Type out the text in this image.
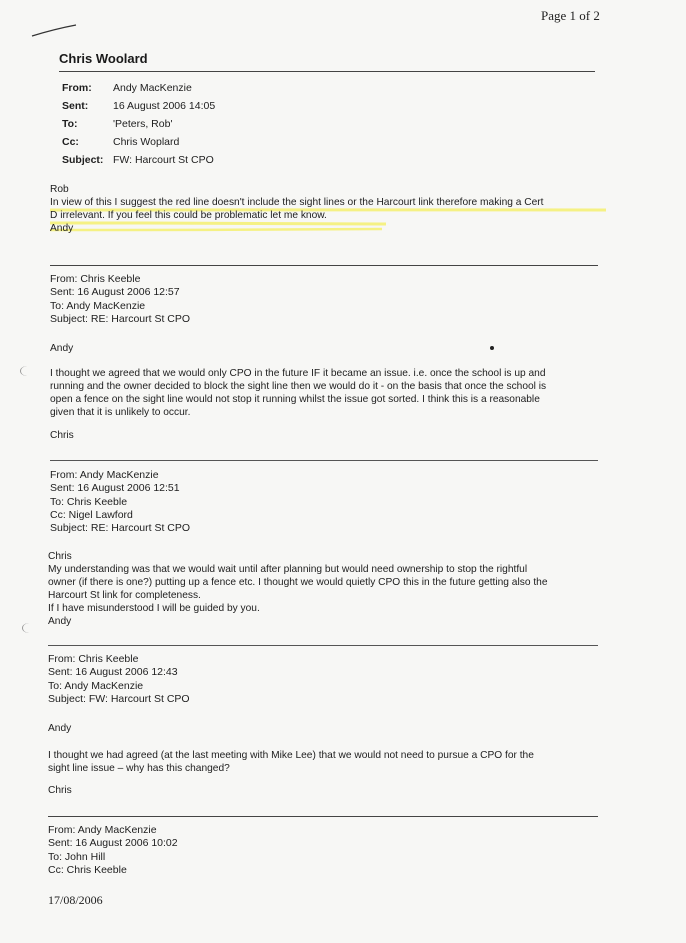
Page 1 of 2
Chris Woolard
From:	Andy MacKenzie
Sent:	16 August 2006 14:05
To:	'Peters, Rob'
Cc:	Chris Woplard
Subject: FW: Harcourt St CPO
Rob
In view of this I suggest the red line doesn't include the sight lines or the Harcourt link therefore making a Cert
D irrelevant. If you feel this could be problematic let me know.
Andy
From: Chris Keeble
Sent: 16 August 2006 12:57
To: Andy MacKenzie
Subject: RE: Harcourt St CPO
Andy
I thought we agreed that we would only CPO in the future IF it became an issue. i.e. once the school is up and
running and the owner decided to block the sight line then we would do it - on the basis that once the school is
open a fence on the sight line would not stop it running whilst the issue got sorted. I think this is a reasonable
given that it is unlikely to occur.
Chris
From: Andy MacKenzie
Sent: 16 August 2006 12:51
To: Chris Keeble
Cc: Nigel Lawford
Subject: RE: Harcourt St CPO
Chris
My understanding was that we would wait until after planning but would need ownership to stop the rightful
owner (if there is one?) putting up a fence etc. I thought we would quietly CPO this in the future getting also the
Harcourt St link for completeness.
If I have misunderstood I will be guided by you.
Andy
From: Chris Keeble
Sent: 16 August 2006 12:43
To: Andy MacKenzie
Subject: FW: Harcourt St CPO
Andy
I thought we had agreed (at the last meeting with Mike Lee) that we would not need to pursue a CPO for the
sight line issue – why has this changed?
Chris
From: Andy MacKenzie
Sent: 16 August 2006 10:02
To: John Hill
Cc: Chris Keeble
17/08/2006
